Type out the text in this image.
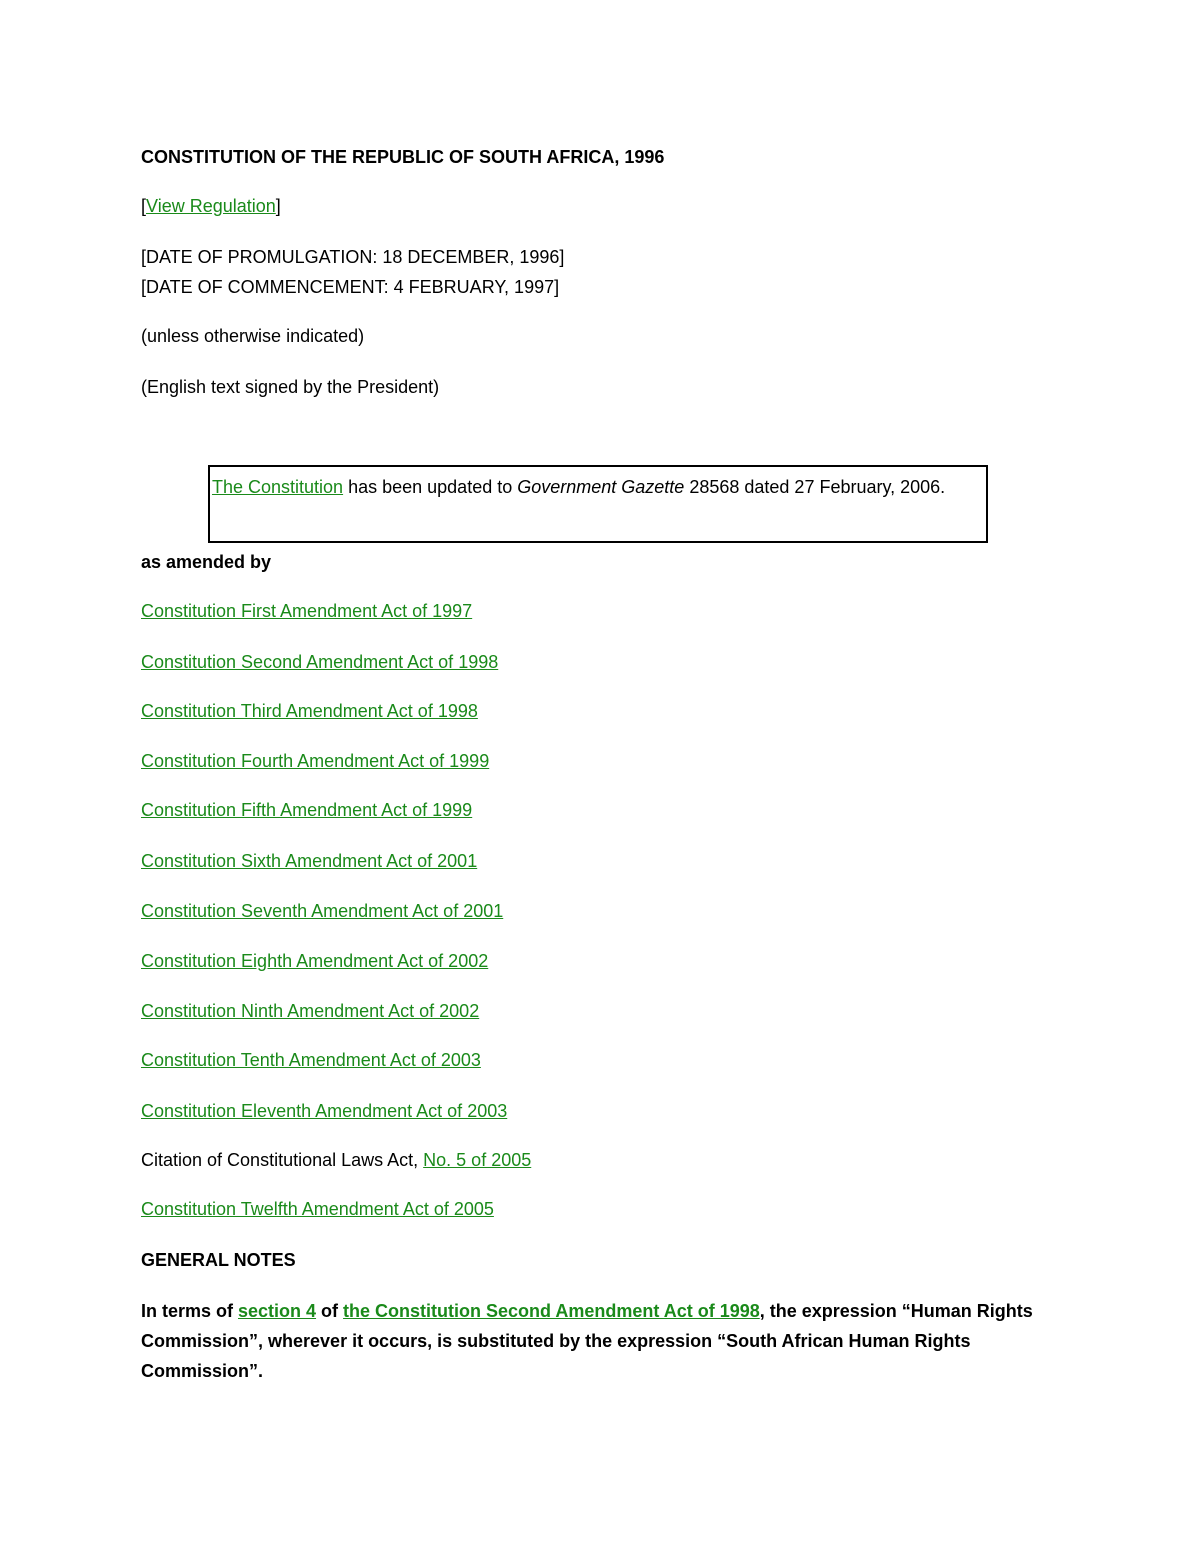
CONSTITUTION OF THE REPUBLIC OF SOUTH AFRICA, 1996
[View Regulation]
[DATE OF PROMULGATION: 18 DECEMBER, 1996]
[DATE OF COMMENCEMENT: 4 FEBRUARY, 1997]
(unless otherwise indicated)
(English text signed by the President)
The Constitution has been updated to Government Gazette 28568 dated 27 February, 2006.
as amended by
Constitution First Amendment Act of 1997
Constitution Second Amendment Act of 1998
Constitution Third Amendment Act of 1998
Constitution Fourth Amendment Act of 1999
Constitution Fifth Amendment Act of 1999
Constitution Sixth Amendment Act of 2001
Constitution Seventh Amendment Act of 2001
Constitution Eighth Amendment Act of 2002
Constitution Ninth Amendment Act of 2002
Constitution Tenth Amendment Act of 2003
Constitution Eleventh Amendment Act of 2003
Citation of Constitutional Laws Act, No. 5 of 2005
Constitution Twelfth Amendment Act of 2005
GENERAL NOTES
In terms of section 4 of the Constitution Second Amendment Act of 1998, the expression “Human Rights Commission”, wherever it occurs, is substituted by the expression “South African Human Rights Commission”.
